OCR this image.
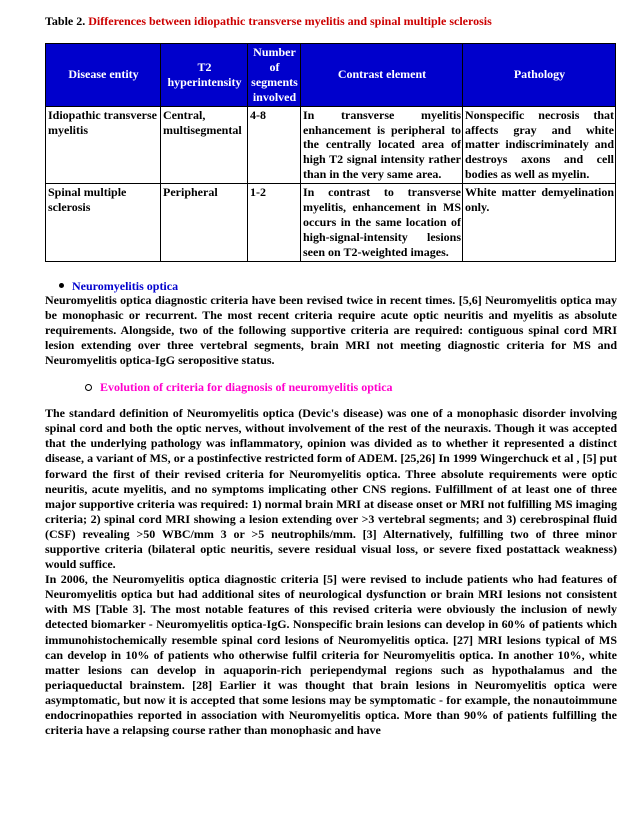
Table 2. Differences between idiopathic transverse myelitis and spinal multiple sclerosis

Disease entity	T2 hyperintensity	Number of segments involved	Contrast element	Pathology
Idiopathic transverse myelitis	Central, multisegmental	4-8	In transverse myelitis enhancement is peripheral to the centrally located area of high T2 signal intensity rather than in the very same area.	Nonspecific necrosis that affects gray and white matter indiscriminately and destroys axons and cell bodies as well as myelin.
Spinal multiple sclerosis	Peripheral	1-2	In contrast to transverse myelitis, enhancement in MS occurs in the same location of high-signal-intensity lesions seen on T2-weighted images.	White matter demyelination only.
Neuromyelitis optica

Neuromyelitis optica diagnostic criteria have been revised twice in recent times. [5,6] Neuromyelitis optica may be monophasic or recurrent. The most recent criteria require acute optic neuritis and myelitis as absolute requirements. Alongside, two of the following supportive criteria are required: contiguous spinal cord MRI lesion extending over three vertebral segments, brain MRI not meeting diagnostic criteria for MS and Neuromyelitis optica-IgG seropositive status.

Evolution of criteria for diagnosis of neuromyelitis optica

The standard definition of Neuromyelitis optica (Devic's disease) was one of a monophasic disorder involving spinal cord and both the optic nerves, without involvement of the rest of the neuraxis. Though it was accepted that the underlying pathology was inflammatory, opinion was divided as to whether it represented a distinct disease, a variant of MS, or a postinfective restricted form of ADEM. [25,26] In 1999 Wingerchuck et al , [5] put forward the first of their revised criteria for Neuromyelitis optica. Three absolute requirements were optic neuritis, acute myelitis, and no symptoms implicating other CNS regions. Fulfillment of at least one of three major supportive criteria was required: 1) normal brain MRI at disease onset or MRI not fulfilling MS imaging criteria; 2) spinal cord MRI showing a lesion extending over >3 vertebral segments; and 3) cerebrospinal fluid (CSF) revealing >50 WBC/mm 3 or >5 neutrophils/mm. [3] Alternatively, fulfilling two of three minor supportive criteria (bilateral optic neuritis, severe residual visual loss, or severe fixed postattack weakness) would suffice.

In 2006, the Neuromyelitis optica diagnostic criteria [5] were revised to include patients who had features of Neuromyelitis optica but had additional sites of neurological dysfunction or brain MRI lesions not consistent with MS [Table 3]. The most notable features of this revised criteria were obviously the inclusion of newly detected biomarker - Neuromyelitis optica-IgG. Nonspecific brain lesions can develop in 60% of patients which immunohistochemically resemble spinal cord lesions of Neuromyelitis optica. [27] MRI lesions typical of MS can develop in 10% of patients who otherwise fulfil criteria for Neuromyelitis optica. In another 10%, white matter lesions can develop in aquaporin-rich periependymal regions such as hypothalamus and the periaqueductal brainstem. [28] Earlier it was thought that brain lesions in Neuromyelitis optica were asymptomatic, but now it is accepted that some lesions may be symptomatic - for example, the nonautoimmune endocrinopathies reported in association with Neuromyelitis optica. More than 90% of patients fulfilling the criteria have a relapsing course rather than monophasic and have
